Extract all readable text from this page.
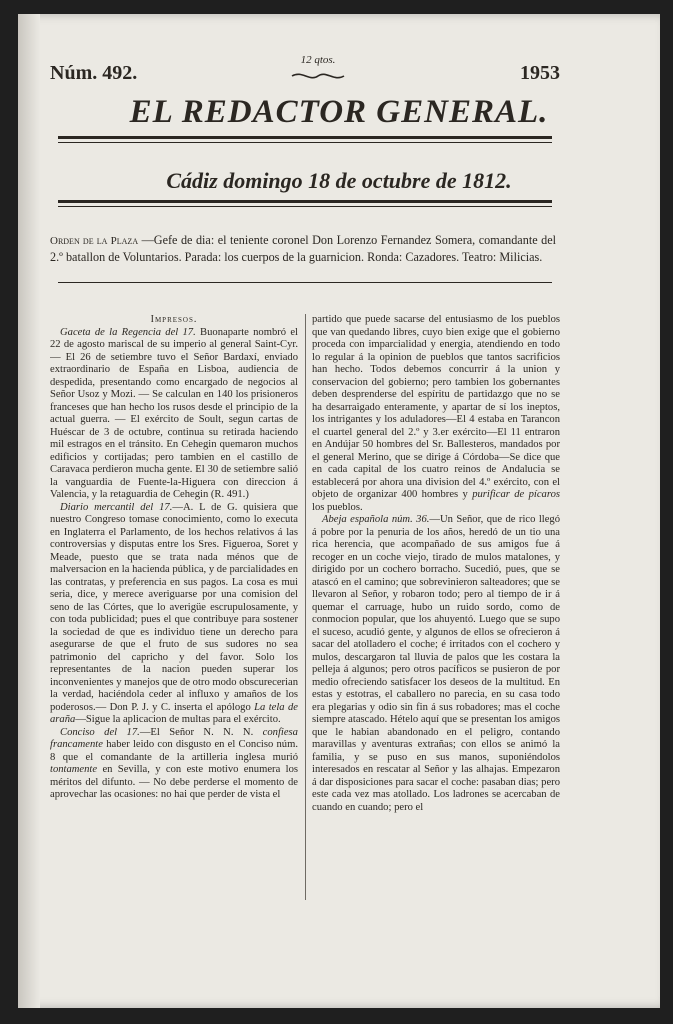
Núm. 492.
12 qtos.
1953
EL REDACTOR GENERAL.
Cádiz domingo 18 de octubre de 1812.
Orden de la Plaza —Gefe de dia: el teniente coronel Don Lorenzo Fernandez Somera, comandante del 2.º batallon de Voluntarios. Parada: los cuerpos de la guarnicion. Ronda: Cazadores. Teatro: Milicias.

Impresos.

Gaceta de la Regencia del 17. Buonaparte nombró el 22 de agosto mariscal de su imperio al general Saint-Cyr. — El 26 de setiembre tuvo el Señor Bardaxí, enviado extraordinario de España en Lisboa, audiencia de despedida, presentando como encargado de negocios al Señor Usoz y Mozi. — Se calculan en 140 los prisioneros franceses que han hecho los rusos desde el principio de la actual guerra. — El exército de Soult, segun cartas de Huéscar de 3 de octubre, continua su retirada haciendo mil estragos en el tránsito. En Cehegin quemaron muchos edificios y cortijadas; pero tambien en el castillo de Caravaca perdieron mucha gente. El 30 de setiembre salió la vanguardia de Fuente-la-Higuera con direccion á Valencia, y la retaguardia de Cehegin (R. 491.)

Diario mercantil del 17.—A. L de G. quisiera que nuestro Congreso tomase conocimiento, como lo executa en Inglaterra el Parlamento, de los hechos relativos á las controversias y disputas entre los Sres. Figueroa, Soret y Meade, puesto que se trata nada ménos que de malversacion en la hacienda pública, y de parcialidades en las contratas, y preferencia en sus pagos. La cosa es mui seria, dice, y merece averiguarse por una comision del seno de las Córtes, que lo averigüe escrupulosamente, y con toda publicidad; pues el que contribuye para sostener la sociedad de que es individuo tiene un derecho para asegurarse de que el fruto de sus sudores no sea patrimonio del capricho y del favor. Solo los representantes de la nacion pueden superar los inconvenientes y manejos que de otro modo obscurecerian la verdad, haciéndola ceder al influxo y amaños de los poderosos.— Don P. J. y C. inserta el apólogo La tela de araña—Sigue la aplicacion de multas para el exército.

Conciso del 17.—El Señor N. N. N. confiesa francamente haber leido con disgusto en el Conciso núm. 8 que el comandante de la artilleria inglesa murió tontamente en Sevilla, y con este motivo enumera los méritos del difunto. — No debe perderse el momento de aprovechar las ocasiones: no hai que perder de vista el

partido que puede sacarse del entusiasmo de los pueblos que van quedando libres, cuyo bien exige que el gobierno proceda con imparcialidad y energia, atendiendo en todo lo regular á la opinion de pueblos que tantos sacrificios han hecho. Todos debemos concurrir á la union y conservacion del gobierno; pero tambien los gobernantes deben desprenderse del espíritu de partidazgo que no se ha desarraigado enteramente, y apartar de sí los ineptos, los intrigantes y los aduladores—El 4 estaba en Tarancon el cuartel general del 2.º y 3.er exército—El 11 entraron en Andújar 50 hombres del Sr. Ballesteros, mandados por el general Merino, que se dirige á Córdoba—Se dice que en cada capital de los cuatro reinos de Andalucia se establecerá por ahora una division del 4.º exército, con el objeto de organizar 400 hombres y purificar de pícaros los pueblos.

Abeja española núm. 36.—Un Señor, que de rico llegó á pobre por la penuria de los años, heredó de un tio una rica herencia, que acompañado de sus amigos fue á recoger en un coche viejo, tirado de mulos matalones, y dirigido por un cochero borracho. Sucedió, pues, que se atascó en el camino; que sobrevinieron salteadores; que se llevaron al Señor, y robaron todo; pero al tiempo de ir á quemar el carruage, hubo un ruido sordo, como de conmocion popular, que los ahuyentó. Luego que se supo el suceso, acudió gente, y algunos de ellos se ofrecieron á sacar del atolladero el coche; é irritados con el cochero y mulos, descargaron tal lluvia de palos que les costara la pelleja á algunos; pero otros pacíficos se pusieron de por medio ofreciendo satisfacer los deseos de la multitud. En estas y estotras, el caballero no parecia, en su casa todo era plegarias y odio sin fin á sus robadores; mas el coche siempre atascado. Hételo aquí que se presentan los amigos que le habian abandonado en el peligro, contando maravillas y aventuras extrañas; con ellos se animó la familia, y se puso en sus manos, suponiéndolos interesados en rescatar al Señor y las alhajas. Empezaron á dar disposiciones para sacar el coche: pasaban dias; pero este cada vez mas atollado. Los ladrones se acercaban de cuando en cuando; pero el
